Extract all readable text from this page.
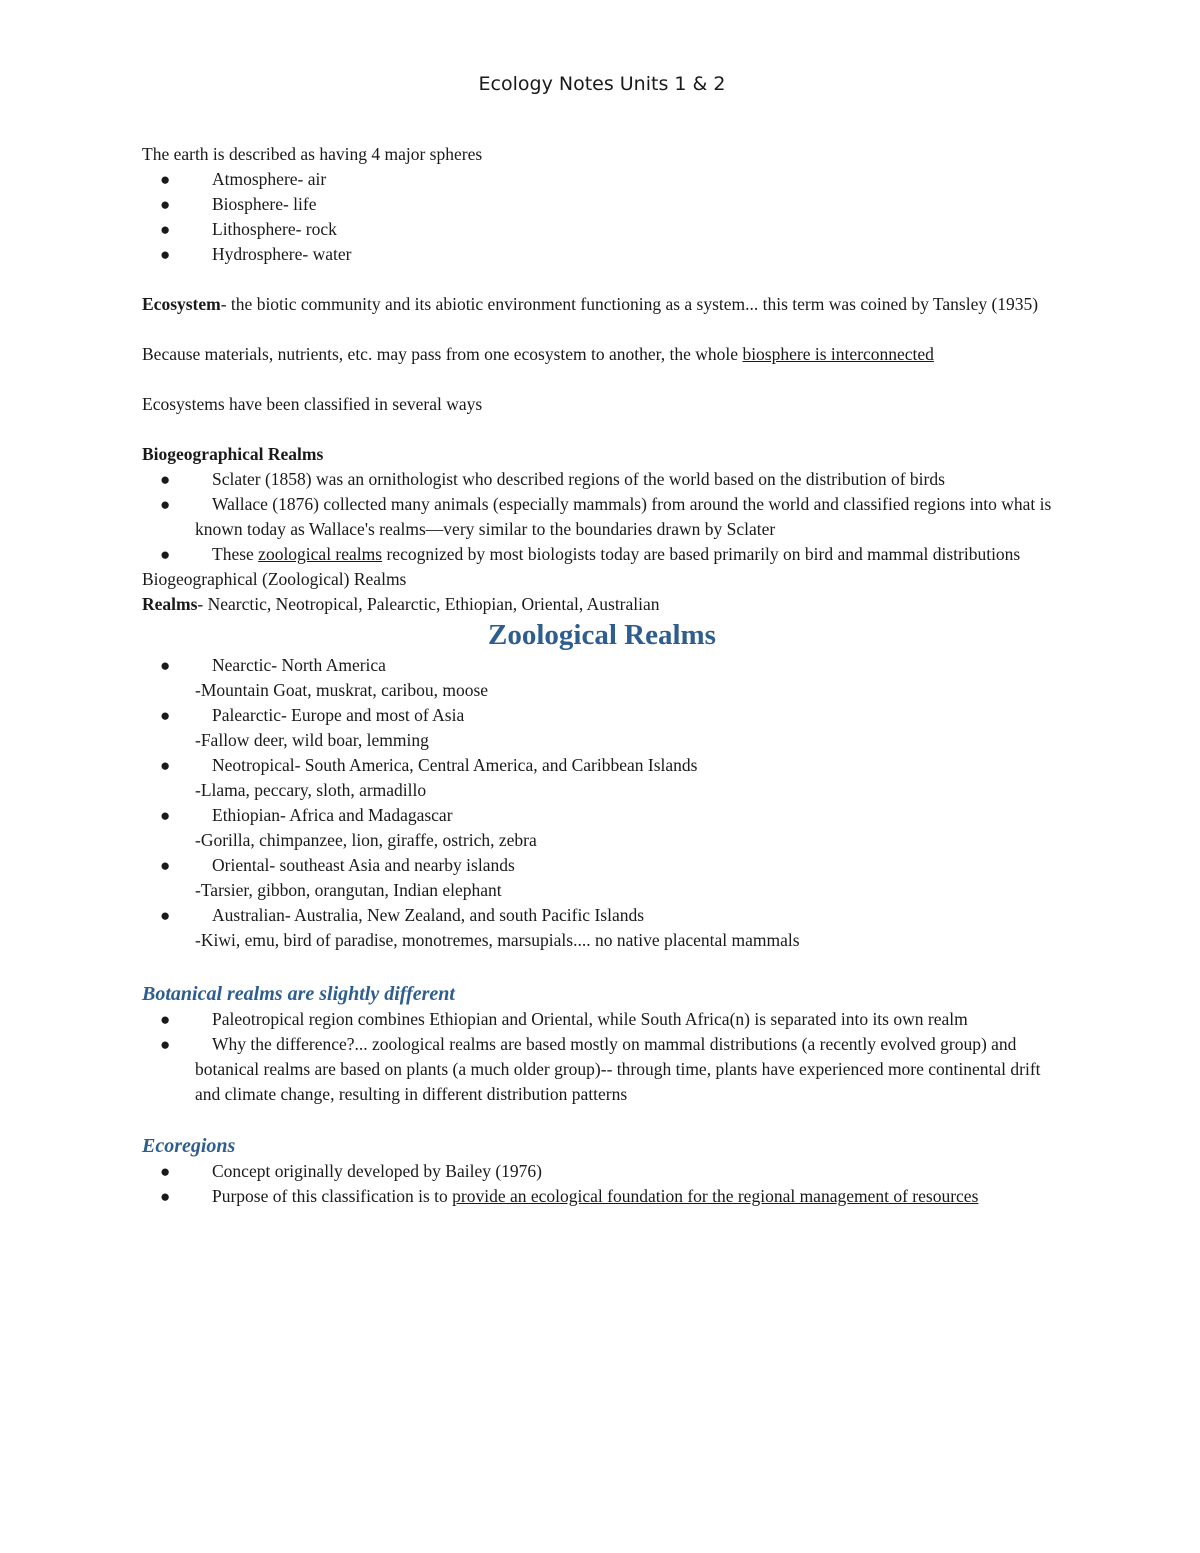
Ecology Notes Units 1 & 2

The earth is described as having 4 major spheres

●	Atmosphere- air
●	Biosphere- life
●	Lithosphere- rock
●	Hydrosphere- water

Ecosystem- the biotic community and its abiotic environment functioning as a system... this term was coined by Tansley (1935)

Because materials, nutrients, etc. may pass from one ecosystem to another, the whole biosphere is interconnected

Ecosystems have been classified in several ways

Biogeographical Realms

●	Sclater (1858) was an ornithologist who described regions of the world based on the distribution of birds
●	Wallace (1876) collected many animals (especially mammals) from around the world and classified regions into what is known today as Wallace's realms—very similar to the boundaries drawn by Sclater
●	These zoological realms recognized by most biologists today are based primarily on bird and mammal distributions

Biogeographical (Zoological) Realms

Realms- Nearctic, Neotropical, Palearctic, Ethiopian, Oriental, Australian

Zoological Realms
●	Nearctic- North America
-Mountain Goat, muskrat, caribou, moose
●	Palearctic- Europe and most of Asia
-Fallow deer, wild boar, lemming
●	Neotropical- South America, Central America, and Caribbean Islands
-Llama, peccary, sloth, armadillo
●	Ethiopian- Africa and Madagascar
-Gorilla, chimpanzee, lion, giraffe, ostrich, zebra
●	Oriental- southeast Asia and nearby islands
-Tarsier, gibbon, orangutan, Indian elephant
●	Australian- Australia, New Zealand, and south Pacific Islands
-Kiwi, emu, bird of paradise, monotremes, marsupials.... no native placental mammals
Botanical realms are slightly different
●	Paleotropical region combines Ethiopian and Oriental, while South Africa(n) is separated into its own realm
●	Why the difference?... zoological realms are based mostly on mammal distributions (a recently evolved group) and botanical realms are based on plants (a much older group)-- through time, plants have experienced more continental drift and climate change, resulting in different distribution patterns
Ecoregions
●	Concept originally developed by Bailey (1976)
●	Purpose of this classification is to provide an ecological foundation for the regional management of resources
